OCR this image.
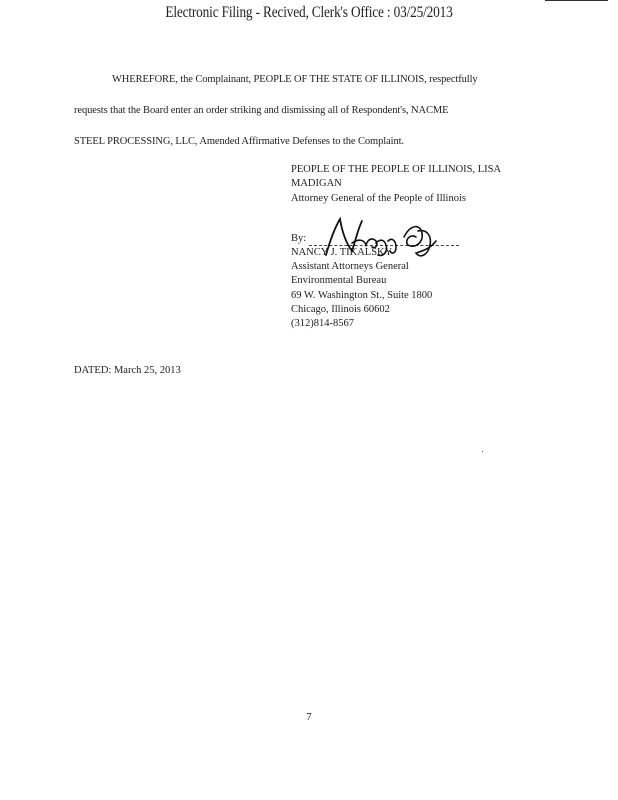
Electronic Filing - Recived, Clerk's Office : 03/25/2013
WHEREFORE, the Complainant, PEOPLE OF THE STATE OF ILLINOIS, respectfully
requests that the Board enter an order striking and dismissing all of Respondent's, NACME
STEEL PROCESSING, LLC, Amended Affirmative Defenses to the Complaint.
PEOPLE OF THE PEOPLE OF ILLINOIS, LISA
MADIGAN
Attorney General of the People of Illinois
By:
NANCY J. TIKALSKY
Assistant Attorneys General
Environmental Bureau
69 W. Washington St., Suite 1800
Chicago, Illinois 60602
(312)814-8567
DATED: March 25, 2013
7
